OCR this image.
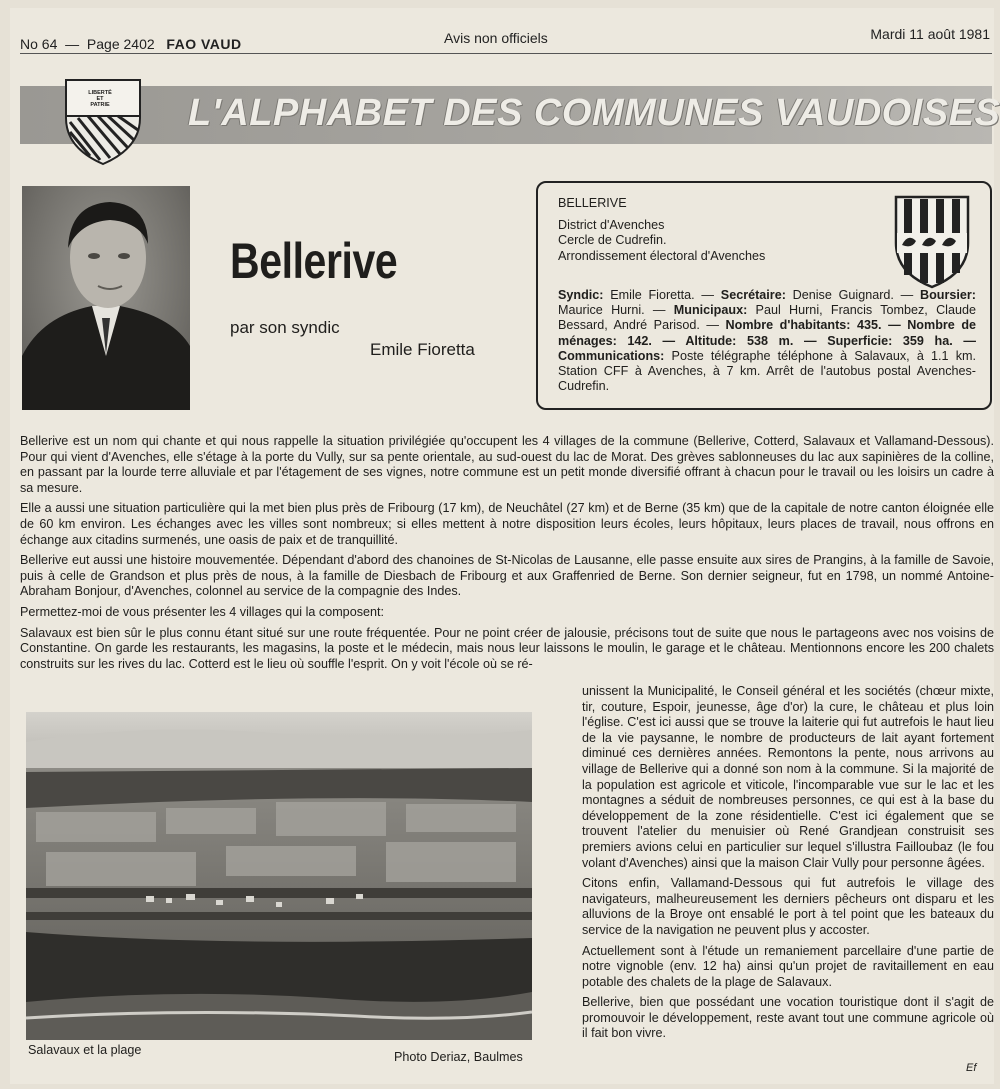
No 64 — Page 2402 FAO VAUD	Avis non officiels	Mardi 11 août 1981
L'ALPHABET DES COMMUNES VAUDOISES
LIBERTÉ
ET
PATRIE
Bellerive
par son syndic
Emile Fioretta
BELLERIVE
District d'Avenches
Cercle de Cudrefin.
Arrondissement électoral d'Avenches
Syndic: Emile Fioretta. — Secrétaire: Denise Guignard. — Boursier: Maurice Hurni. — Municipaux: Paul Hurni, Francis Tombez, Claude Bessard, André Parisod. — Nombre d'habitants: 435. — Nombre de ménages: 142. — Altitude: 538 m. — Superficie: 359 ha. — Communications: Poste télégraphe téléphone à Salavaux, à 1.1 km. Station CFF à Avenches, à 7 km. Arrêt de l'autobus postal Avenches-Cudrefin.

Bellerive est un nom qui chante et qui nous rappelle la situation privilégiée qu'occupent les 4 villages de la commune (Bellerive, Cotterd, Salavaux et Vallamand-Dessous). Pour qui vient d'Avenches, elle s'étage à la porte du Vully, sur sa pente orientale, au sud-ouest du lac de Morat. Des grèves sablonneuses du lac aux sapinières de la colline, en passant par la lourde terre alluviale et par l'étagement de ses vignes, notre commune est un petit monde diversifié offrant à chacun pour le travail ou les loisirs un cadre à sa mesure.

Elle a aussi une situation particulière qui la met bien plus près de Fribourg (17 km), de Neuchâtel (27 km) et de Berne (35 km) que de la capitale de notre canton éloignée elle de 60 km environ. Les échanges avec les villes sont nombreux; si elles mettent à notre disposition leurs écoles, leurs hôpitaux, leurs places de travail, nous offrons en échange aux citadins surmenés, une oasis de paix et de tranquillité.

Bellerive eut aussi une histoire mouvementée. Dépendant d'abord des chanoines de St-Nicolas de Lausanne, elle passe ensuite aux sires de Prangins, à la famille de Savoie, puis à celle de Grandson et plus près de nous, à la famille de Diesbach de Fribourg et aux Graffenried de Berne. Son dernier seigneur, fut en 1798, un nommé Antoine-Abraham Bonjour, d'Avenches, colonnel au service de la compagnie des Indes.

Permettez-moi de vous présenter les 4 villages qui la composent:

Salavaux est bien sûr le plus connu étant situé sur une route fréquentée. Pour ne point créer de jalousie, précisons tout de suite que nous le partageons avec nos voisins de Constantine. On garde les restaurants, les magasins, la poste et le médecin, mais nous leur laissons le moulin, le garage et le château. Mentionnons encore les 200 chalets construits sur les rives du lac. Cotterd est le lieu où souffle l'esprit. On y voit l'école où se ré-

unissent la Municipalité, le Conseil général et les sociétés (chœur mixte, tir, couture, Espoir, jeunesse, âge d'or) la cure, le château et plus loin l'église. C'est ici aussi que se trouve la laiterie qui fut autrefois le haut lieu de la vie paysanne, le nombre de producteurs de lait ayant fortement diminué ces dernières années. Remontons la pente, nous arrivons au village de Bellerive qui a donné son nom à la commune. Si la majorité de la population est agricole et viticole, l'incomparable vue sur le lac et les montagnes a séduit de nombreuses personnes, ce qui est à la base du développement de la zone résidentielle. C'est ici également que se trouvent l'atelier du menuisier où René Grandjean construisit ses premiers avions celui en particulier sur lequel s'illustra Failloubaz (le fou volant d'Avenches) ainsi que la maison Clair Vully pour personne âgées.

Citons enfin, Vallamand-Dessous qui fut autrefois le village des navigateurs, malheureusement les derniers pêcheurs ont disparu et les alluvions de la Broye ont ensablé le port à tel point que les bateaux du service de la navigation ne peuvent plus y accoster.

Actuellement sont à l'étude un remaniement parcellaire d'une partie de notre vignoble (env. 12 ha) ainsi qu'un projet de ravitaillement en eau potable des chalets de la plage de Salavaux.

Bellerive, bien que possédant une vocation touristique dont il s'agit de promouvoir le développement, reste avant tout une commune agricole où il fait bon vivre.

Salavaux et la plage	Photo Deriaz, Baulmes
Ef
